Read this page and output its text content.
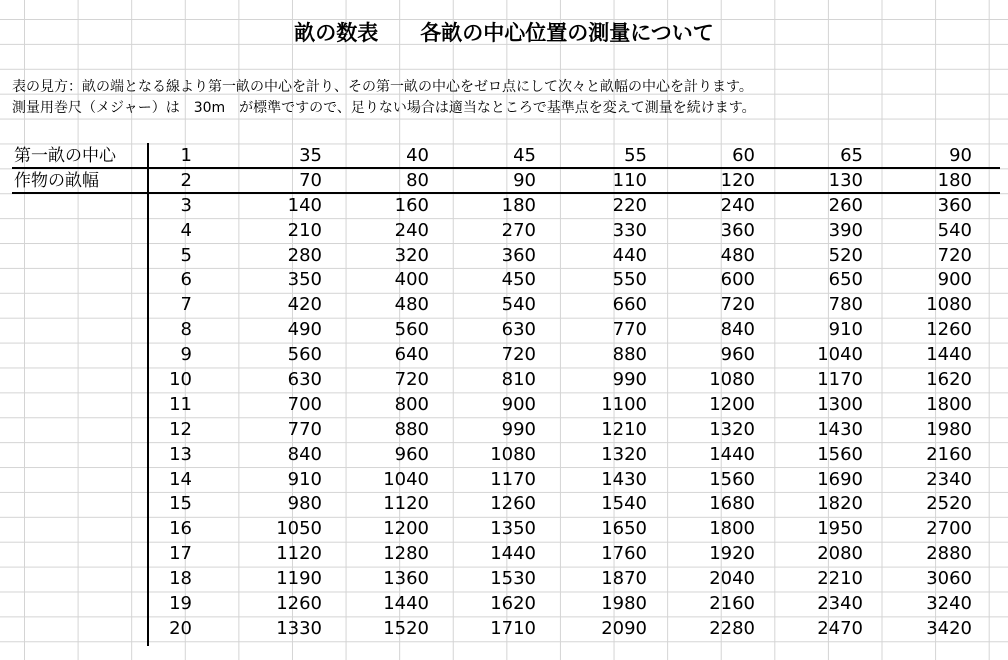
畝の数表　　各畝の中心位置の測量について
表の見方：畝の端となる線より第一畝の中心を計り、その第一畝の中心をゼロ点にして次々と畝幅の中心を計ります。
測量用巻尺（メジャー）は　30m　が標準ですので、足りない場合は適当なところで基準点を変えて測量を続けます。
第一畝の中心	1	35	40	45	55	60	65	90
作物の畝幅	2	70	80	90	110	120	130	180
3	140	160	180	220	240	260	360
4	210	240	270	330	360	390	540
5	280	320	360	440	480	520	720
6	350	400	450	550	600	650	900
7	420	480	540	660	720	780	1080
8	490	560	630	770	840	910	1260
9	560	640	720	880	960	1040	1440
10	630	720	810	990	1080	1170	1620
11	700	800	900	1100	1200	1300	1800
12	770	880	990	1210	1320	1430	1980
13	840	960	1080	1320	1440	1560	2160
14	910	1040	1170	1430	1560	1690	2340
15	980	1120	1260	1540	1680	1820	2520
16	1050	1200	1350	1650	1800	1950	2700
17	1120	1280	1440	1760	1920	2080	2880
18	1190	1360	1530	1870	2040	2210	3060
19	1260	1440	1620	1980	2160	2340	3240
20	1330	1520	1710	2090	2280	2470	3420
